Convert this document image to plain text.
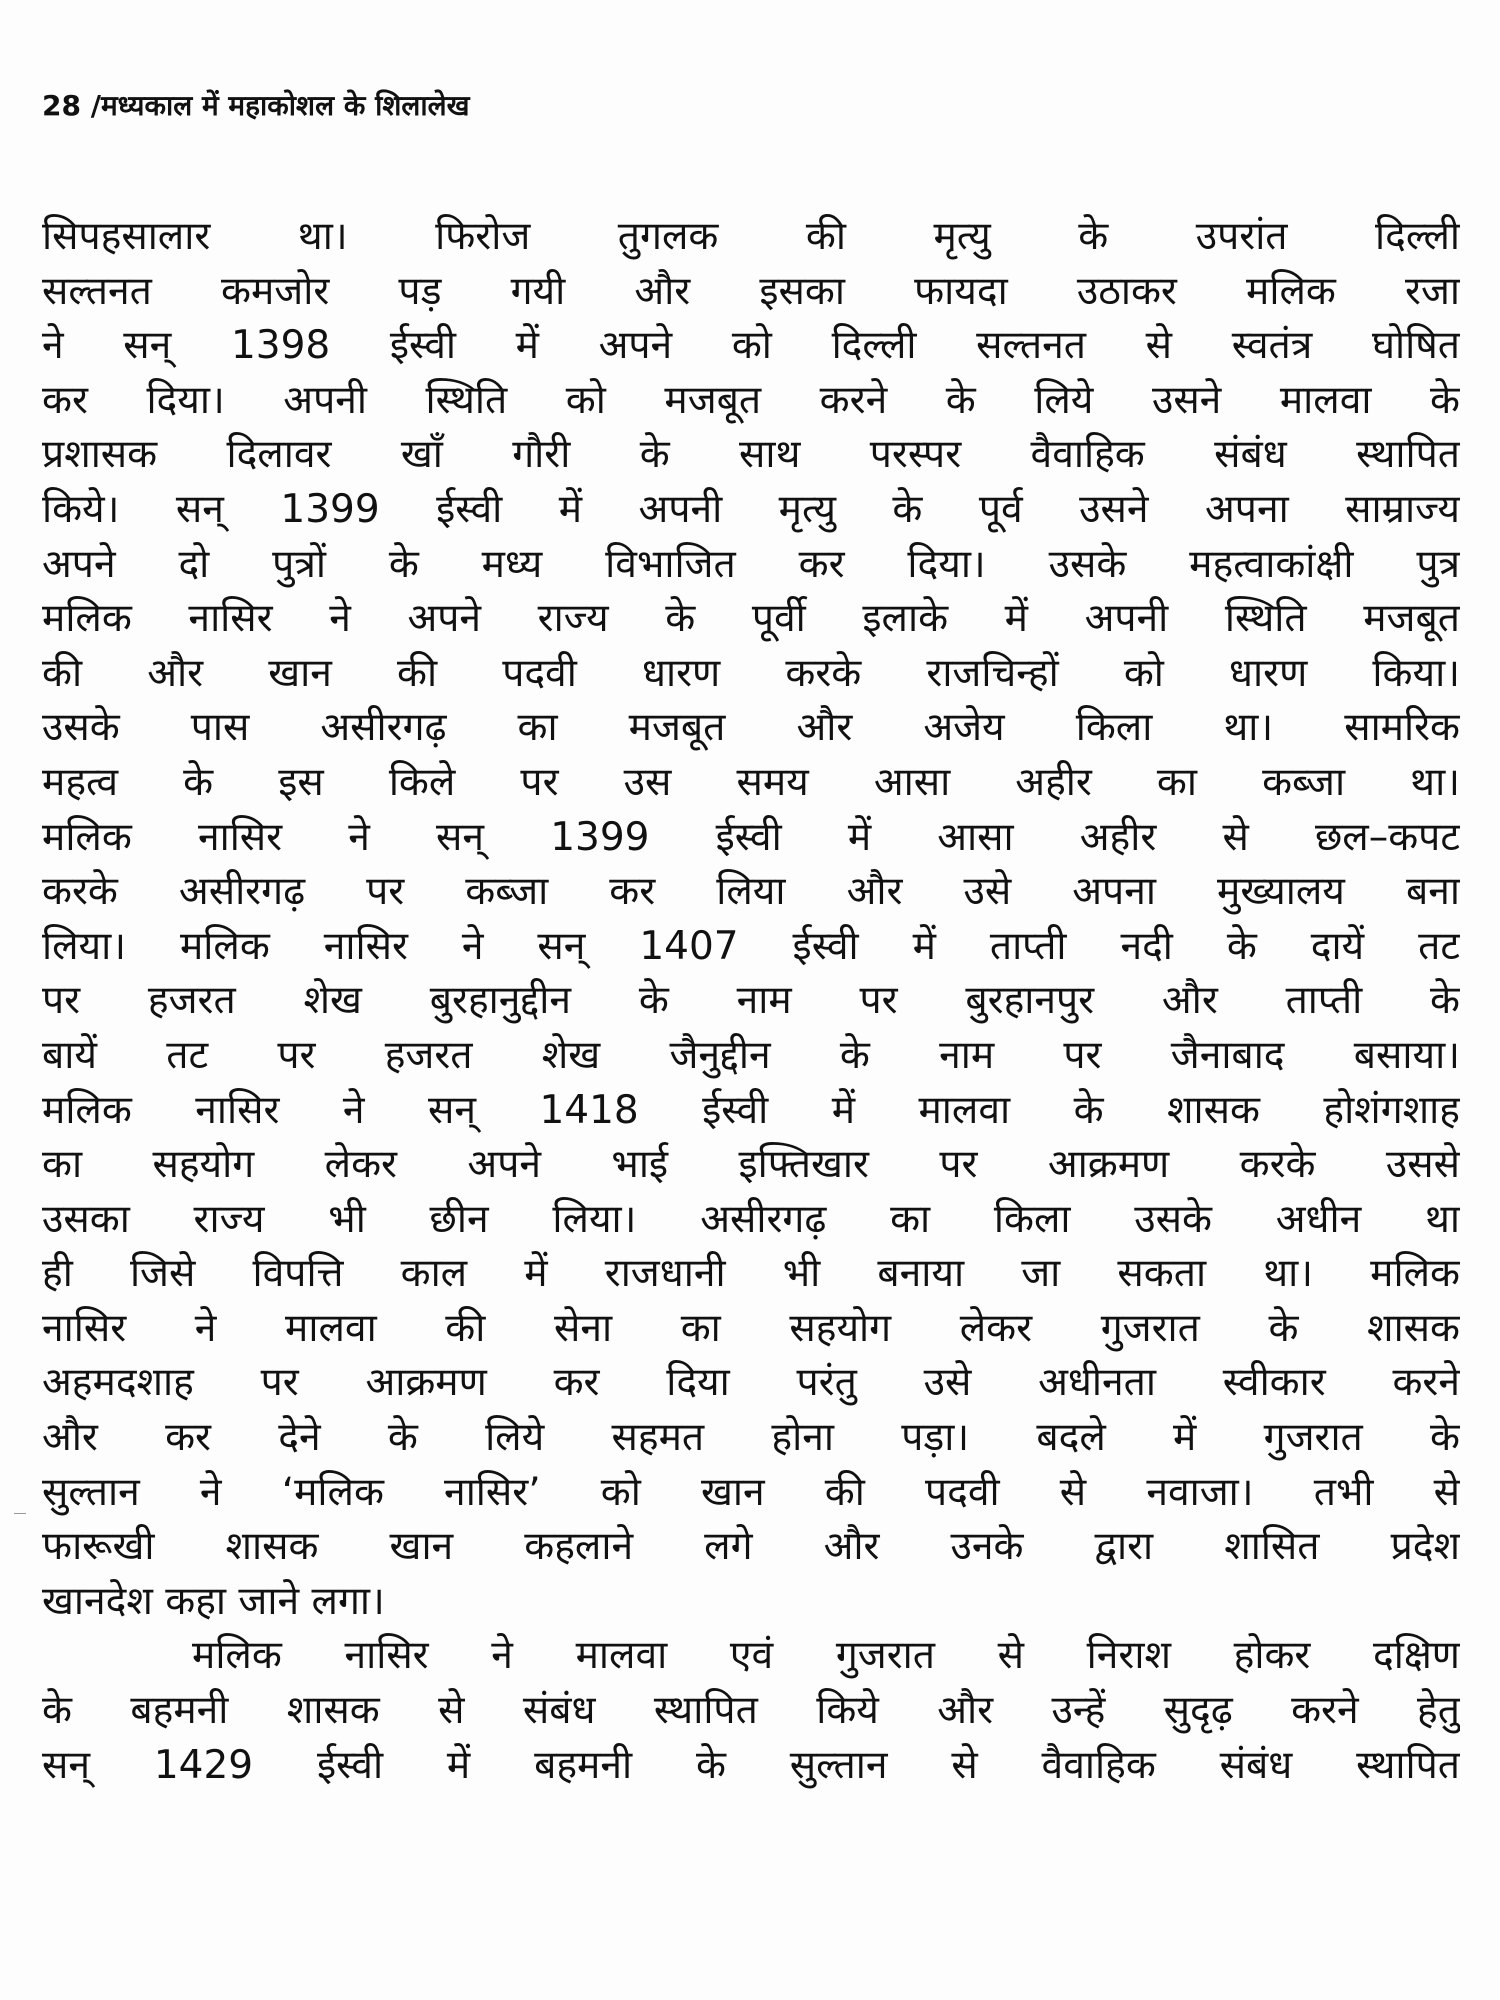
28 /मध्यकाल में महाकोशल के शिलालेख
सिपहसालार था। फिरोज तुगलक की मृत्यु के उपरांत दिल्ली
सल्तनत कमजोर पड़ गयी और इसका फायदा उठाकर मलिक रजा
ने सन् 1398 ईस्वी में अपने को दिल्ली सल्तनत से स्वतंत्र घोषित
कर दिया। अपनी स्थिति को मजबूत करने के लिये उसने मालवा के
प्रशासक दिलावर खाँ गौरी के साथ परस्पर वैवाहिक संबंध स्थापित
किये। सन् 1399 ईस्वी में अपनी मृत्यु के पूर्व उसने अपना साम्राज्य
अपने दो पुत्रों के मध्य विभाजित कर दिया। उसके महत्वाकांक्षी पुत्र
मलिक नासिर ने अपने राज्य के पूर्वी इलाके में अपनी स्थिति मजबूत
की और खान की पदवी धारण करके राजचिन्हों को धारण किया।
उसके पास असीरगढ़ का मजबूत और अजेय किला था। सामरिक
महत्व के इस किले पर उस समय आसा अहीर का कब्जा था।
मलिक नासिर ने सन् 1399 ईस्वी में आसा अहीर से छल–कपट
करके असीरगढ़ पर कब्जा कर लिया और उसे अपना मुख्यालय बना
लिया। मलिक नासिर ने सन् 1407 ईस्वी में ताप्ती नदी के दायें तट
पर हजरत शेख बुरहानुद्दीन के नाम पर बुरहानपुर और ताप्ती के
बायें तट पर हजरत शेख जैनुद्दीन के नाम पर जैनाबाद बसाया।
मलिक नासिर ने सन् 1418 ईस्वी में मालवा के शासक होशंगशाह
का सहयोग लेकर अपने भाई इफ्तिखार पर आक्रमण करके उससे
उसका राज्य भी छीन लिया। असीरगढ़ का किला उसके अधीन था
ही जिसे विपत्ति काल में राजधानी भी बनाया जा सकता था। मलिक
नासिर ने मालवा की सेना का सहयोग लेकर गुजरात के शासक
अहमदशाह पर आक्रमण कर दिया परंतु उसे अधीनता स्वीकार करने
और कर देने के लिये सहमत होना पड़ा। बदले में गुजरात के
सुल्तान ने ‘मलिक नासिर’ को खान की पदवी से नवाजा। तभी से
फारूखी शासक खान कहलाने लगे और उनके द्वारा शासित प्रदेश
खानदेश कहा जाने लगा।
मलिक नासिर ने मालवा एवं गुजरात से निराश होकर दक्षिण
के बहमनी शासक से संबंध स्थापित किये और उन्हें सुदृढ़ करने हेतु
सन् 1429 ईस्वी में बहमनी के सुल्तान से वैवाहिक संबंध स्थापित
